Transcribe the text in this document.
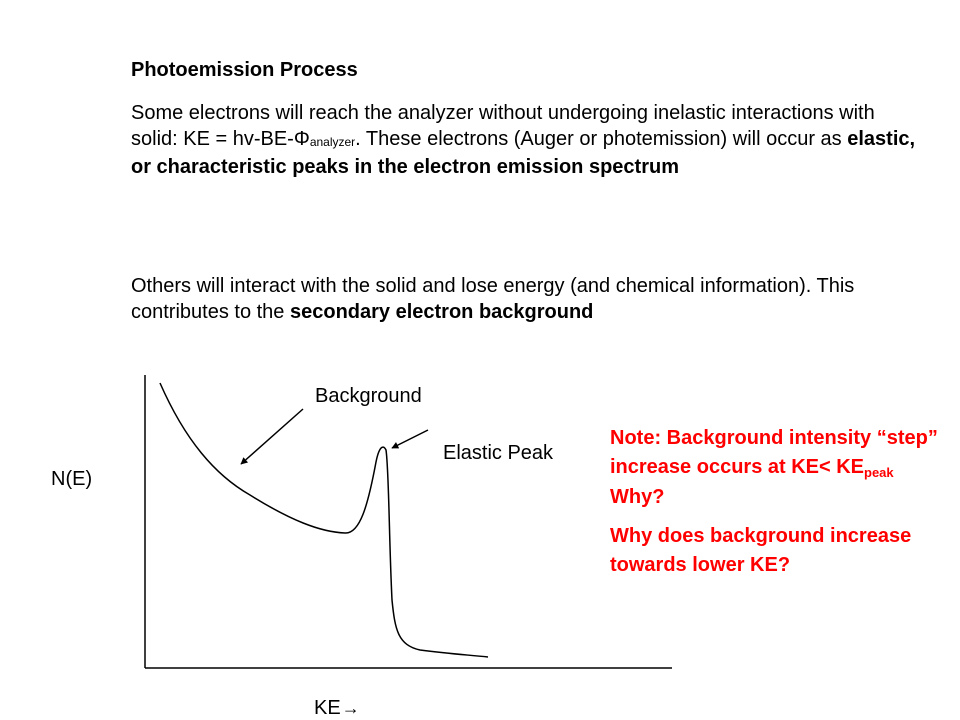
Photoemission Process
Some electrons will reach the analyzer without undergoing inelastic interactions with solid: KE = $hv-BE-\Phi_{analyzer}$. These electrons (Auger or photemission) will occur as elastic, or characteristic peaks in the electron emission spectrum
Others will interact with the solid and lose energy (and chemical information). This contributes to the secondary electron background
Background
Elastic Peak
N(E)
KE→
Note: Background intensity “step” increase occurs at $KE< KE_{peak}$ Why?
Why does background increase towards lower KE?
